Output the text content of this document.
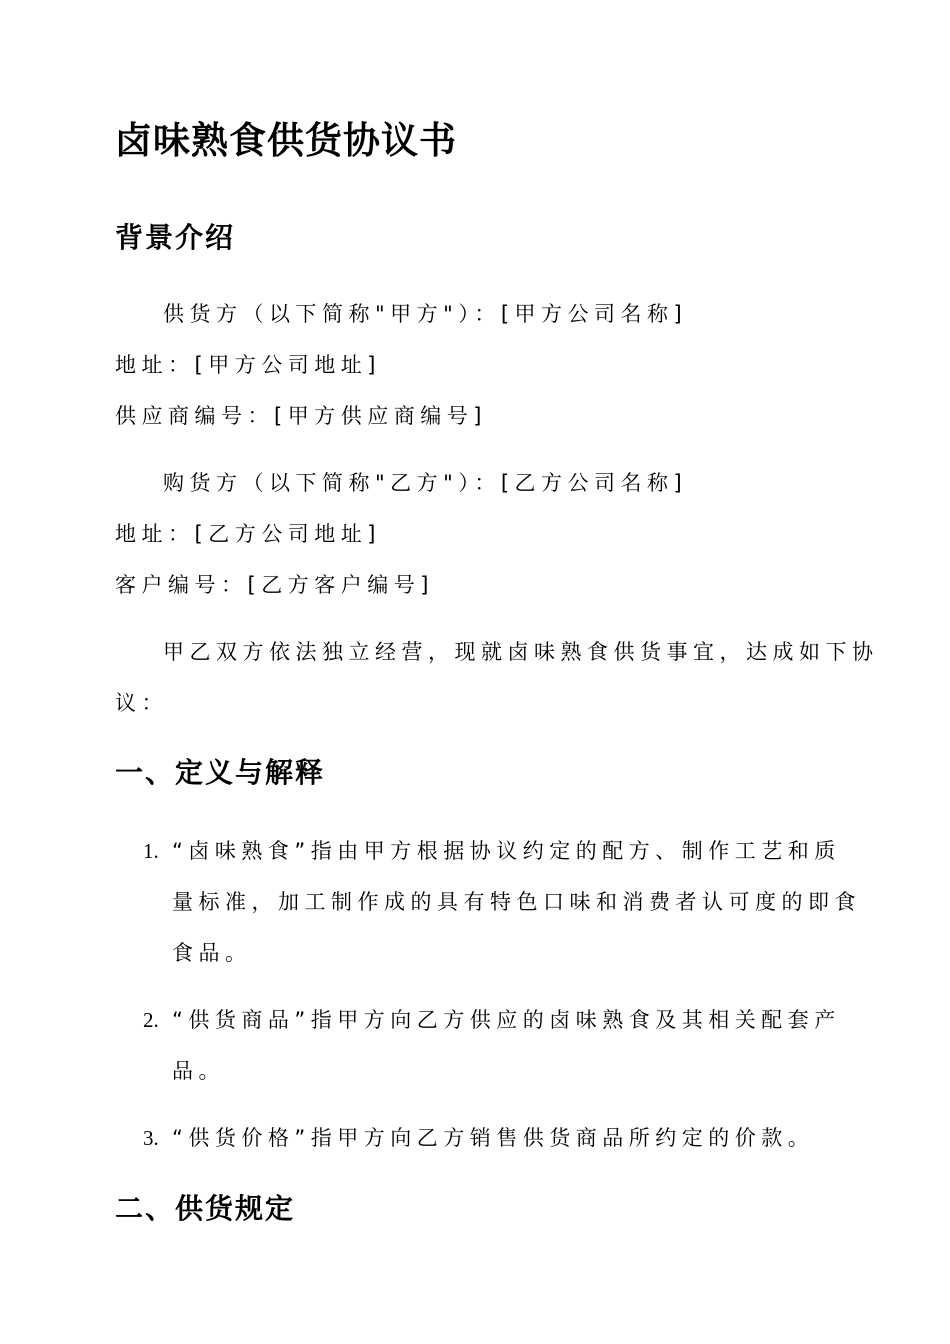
卤味熟食供货协议书
背景介绍
供货方（以下简称"甲方"）：[甲方公司名称]
地址：[甲方公司地址]
供应商编号：[甲方供应商编号]
购货方（以下简称"乙方"）：[乙方公司名称]
地址：[乙方公司地址]
客户编号：[乙方客户编号]
甲乙双方依法独立经营，现就卤味熟食供货事宜，达成如下协
议：
一、定义与解释
1. “卤味熟食”指由甲方根据协议约定的配方、制作工艺和质
量标准，加工制作成的具有特色口味和消费者认可度的即食
食品。
2. “供货商品”指甲方向乙方供应的卤味熟食及其相关配套产
品。
3. “供货价格”指甲方向乙方销售供货商品所约定的价款。
二、供货规定
